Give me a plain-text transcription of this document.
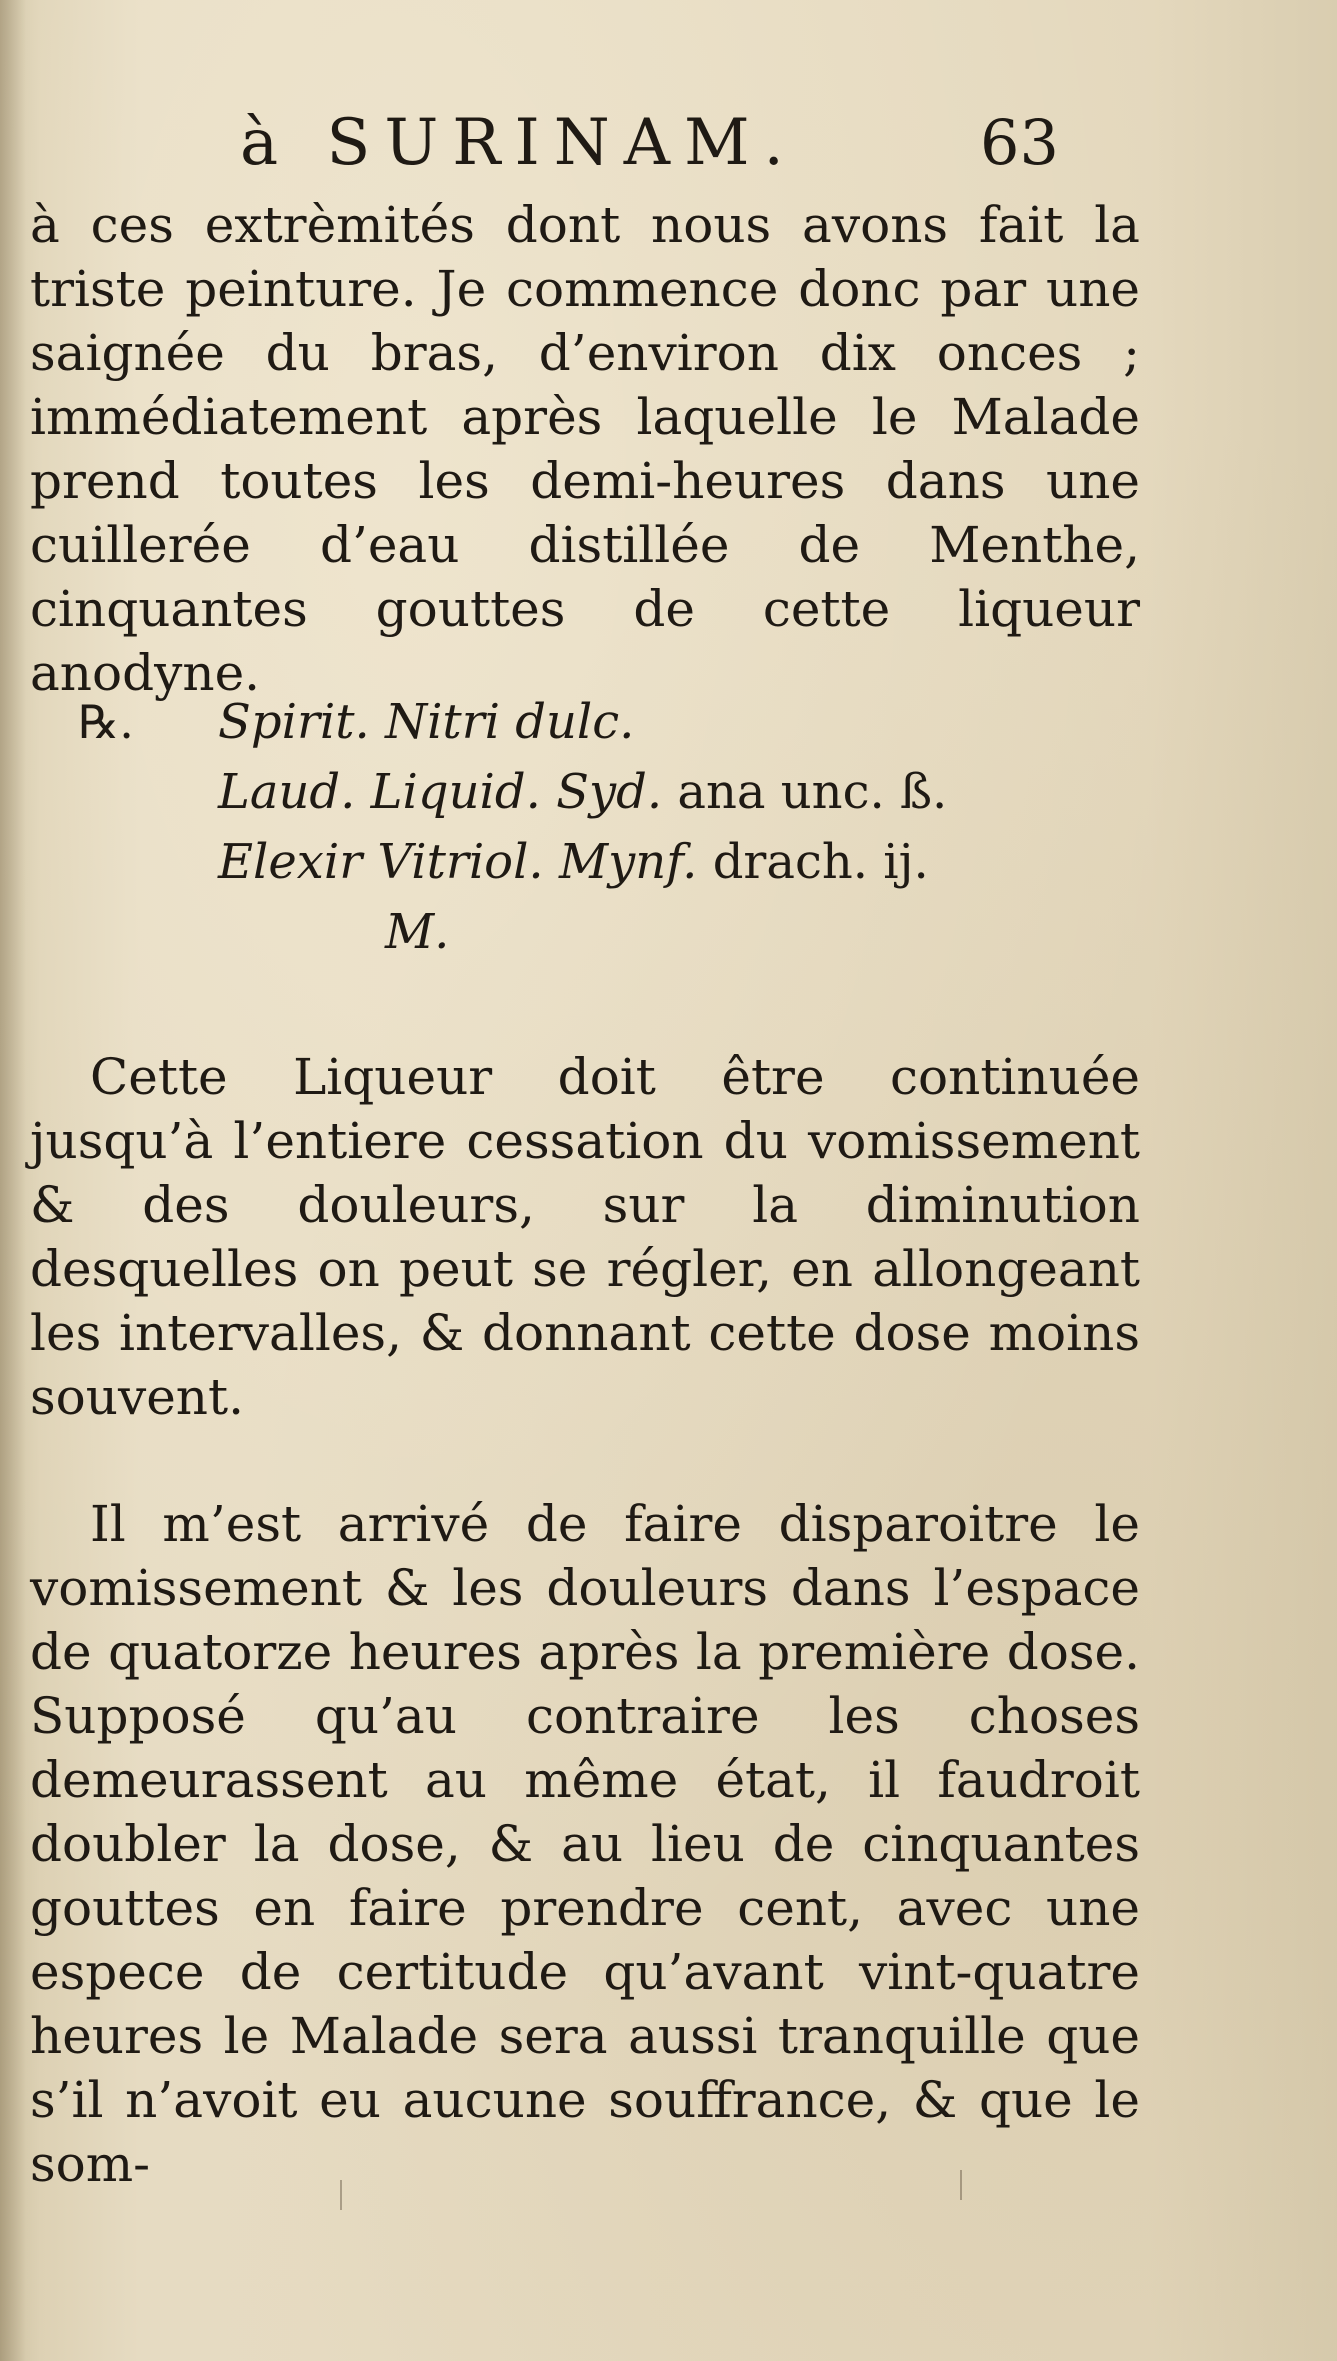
à SURINAM.	63

à ces extrèmités dont nous avons fait la triste peinture. Je commence donc par une saignée du bras, d’environ dix onces ; immédiatement après laquelle le Malade prend toutes les demi-heures dans une cuillerée d’eau distillée de Menthe, cinquantes gouttes de cette liqueur anodyne.

℞. Spirit. Nitri dulc.
Laud. Liquid. Syd. ana unc. ß.
Elexir Vitriol. Mynf. drach. ij.
M.

Cette Liqueur doit être continuée jusqu’à l’entiere cessation du vomissement & des douleurs, sur la diminution desquelles on peut se régler, en allongeant les intervalles, & donnant cette dose moins souvent.

Il m’est arrivé de faire disparoitre le vomissement & les douleurs dans l’espace de quatorze heures après la première dose. Supposé qu’au contraire les choses demeurassent au même état, il faudroit doubler la dose, & au lieu de cinquantes gouttes en faire prendre cent, avec une espece de certitude qu’avant vint-quatre heures le Malade sera aussi tranquille que s’il n’avoit eu aucune souffrance, & que le som-
